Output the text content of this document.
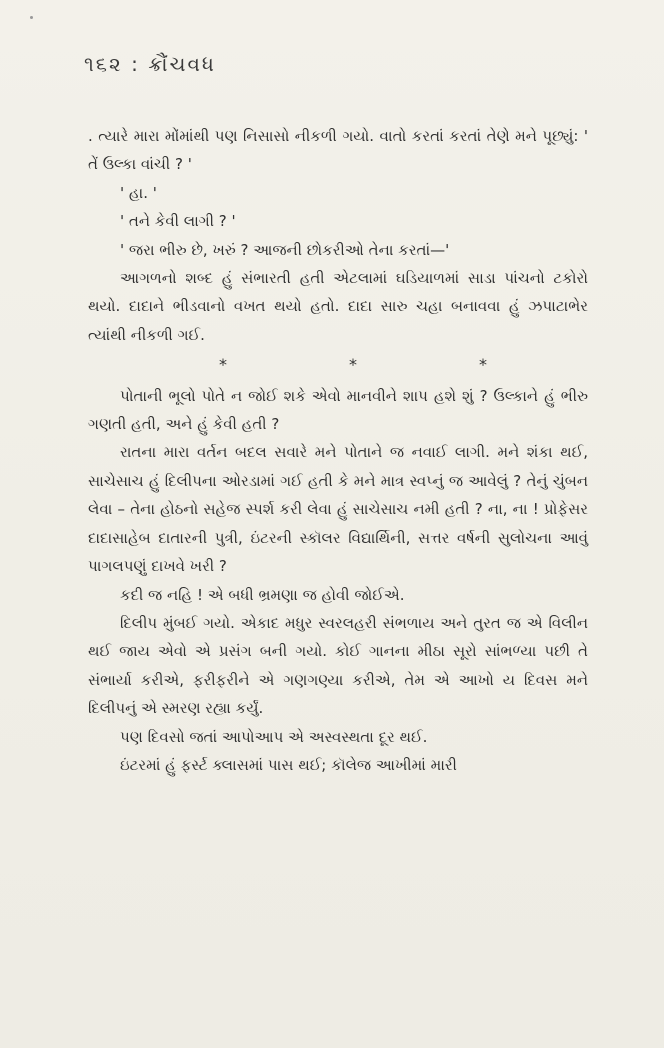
૧૬૨ : ક્રૌંચવધ

. ત્યારે મારા મોંમાંથી પણ નિસાસો નીકળી ગયો. વાતો કરતાં કરતાં તેણે મને પૂછ્યું: ' તેં ઉલ્કા વાંચી ? '

' હા. '

' તને કેવી લાગી ? '

' જરા ભીરુ છે, ખરું ? આજની છોકરીઓ તેના કરતાં—'

આગળનો શબ્દ હું સંભારતી હતી એટલામાં ઘડિયાળમાં સાડા પાંચનો ટકોરો થયો. દાદાને ભીડવાનો વખત થયો હતો. દાદા સારુ ચહા બનાવવા હું ઝપાટાભેર ત્યાંથી નીકળી ગઈ.

*	*	*

પોતાની ભૂલો પોતે ન જોઈ શકે એવો માનવીને શાપ હશે શું ? ઉલ્કાને હું ભીરુ ગણતી હતી, અને હું કેવી હતી ?

રાતના મારા વર્તન બદલ સવારે મને પોતાને જ નવાઈ લાગી. મને શંકા થઈ, સાચેસાચ હું દિલીપના ઓરડામાં ગઈ હતી કે મને માત્ર સ્વપ્નું જ આવેલું ? તેનું ચુંબન લેવા – તેના હોઠનો સહેજ સ્પર્શ કરી લેવા હું સાચેસાચ નમી હતી ? ના, ના ! પ્રોફેસર દાદાસાહેબ દાતારની પુત્રી, ઇંટરની સ્કૉલર વિદ્યાર્થિની, સત્તર વર્ષની સુલોચના આવું પાગલપણું દાખવે ખરી ?

કદી જ નહિ ! એ બધી ભ્રમણા જ હોવી જોઈએ.

દિલીપ મુંબઈ ગયો. એકાદ મધુર સ્વરલહરી સંભળાય અને તુરત જ એ વિલીન થઈ જાય એવો એ પ્રસંગ બની ગયો. કોઈ ગાનના મીઠા સૂરો સાંભળ્યા પછી તે સંભાર્યા કરીએ, ફરીફરીને એ ગણગણ્યા કરીએ, તેમ એ આખો ય દિવસ મને દિલીપનું એ સ્મરણ રહ્યા કર્યું.

પણ દિવસો જતાં આપોઆપ એ અસ્વસ્થતા દૂર થઈ.

ઇંટરમાં હું ફર્સ્ટ ક્લાસમાં પાસ થઈ; કૉલેજ આખીમાં મારી
